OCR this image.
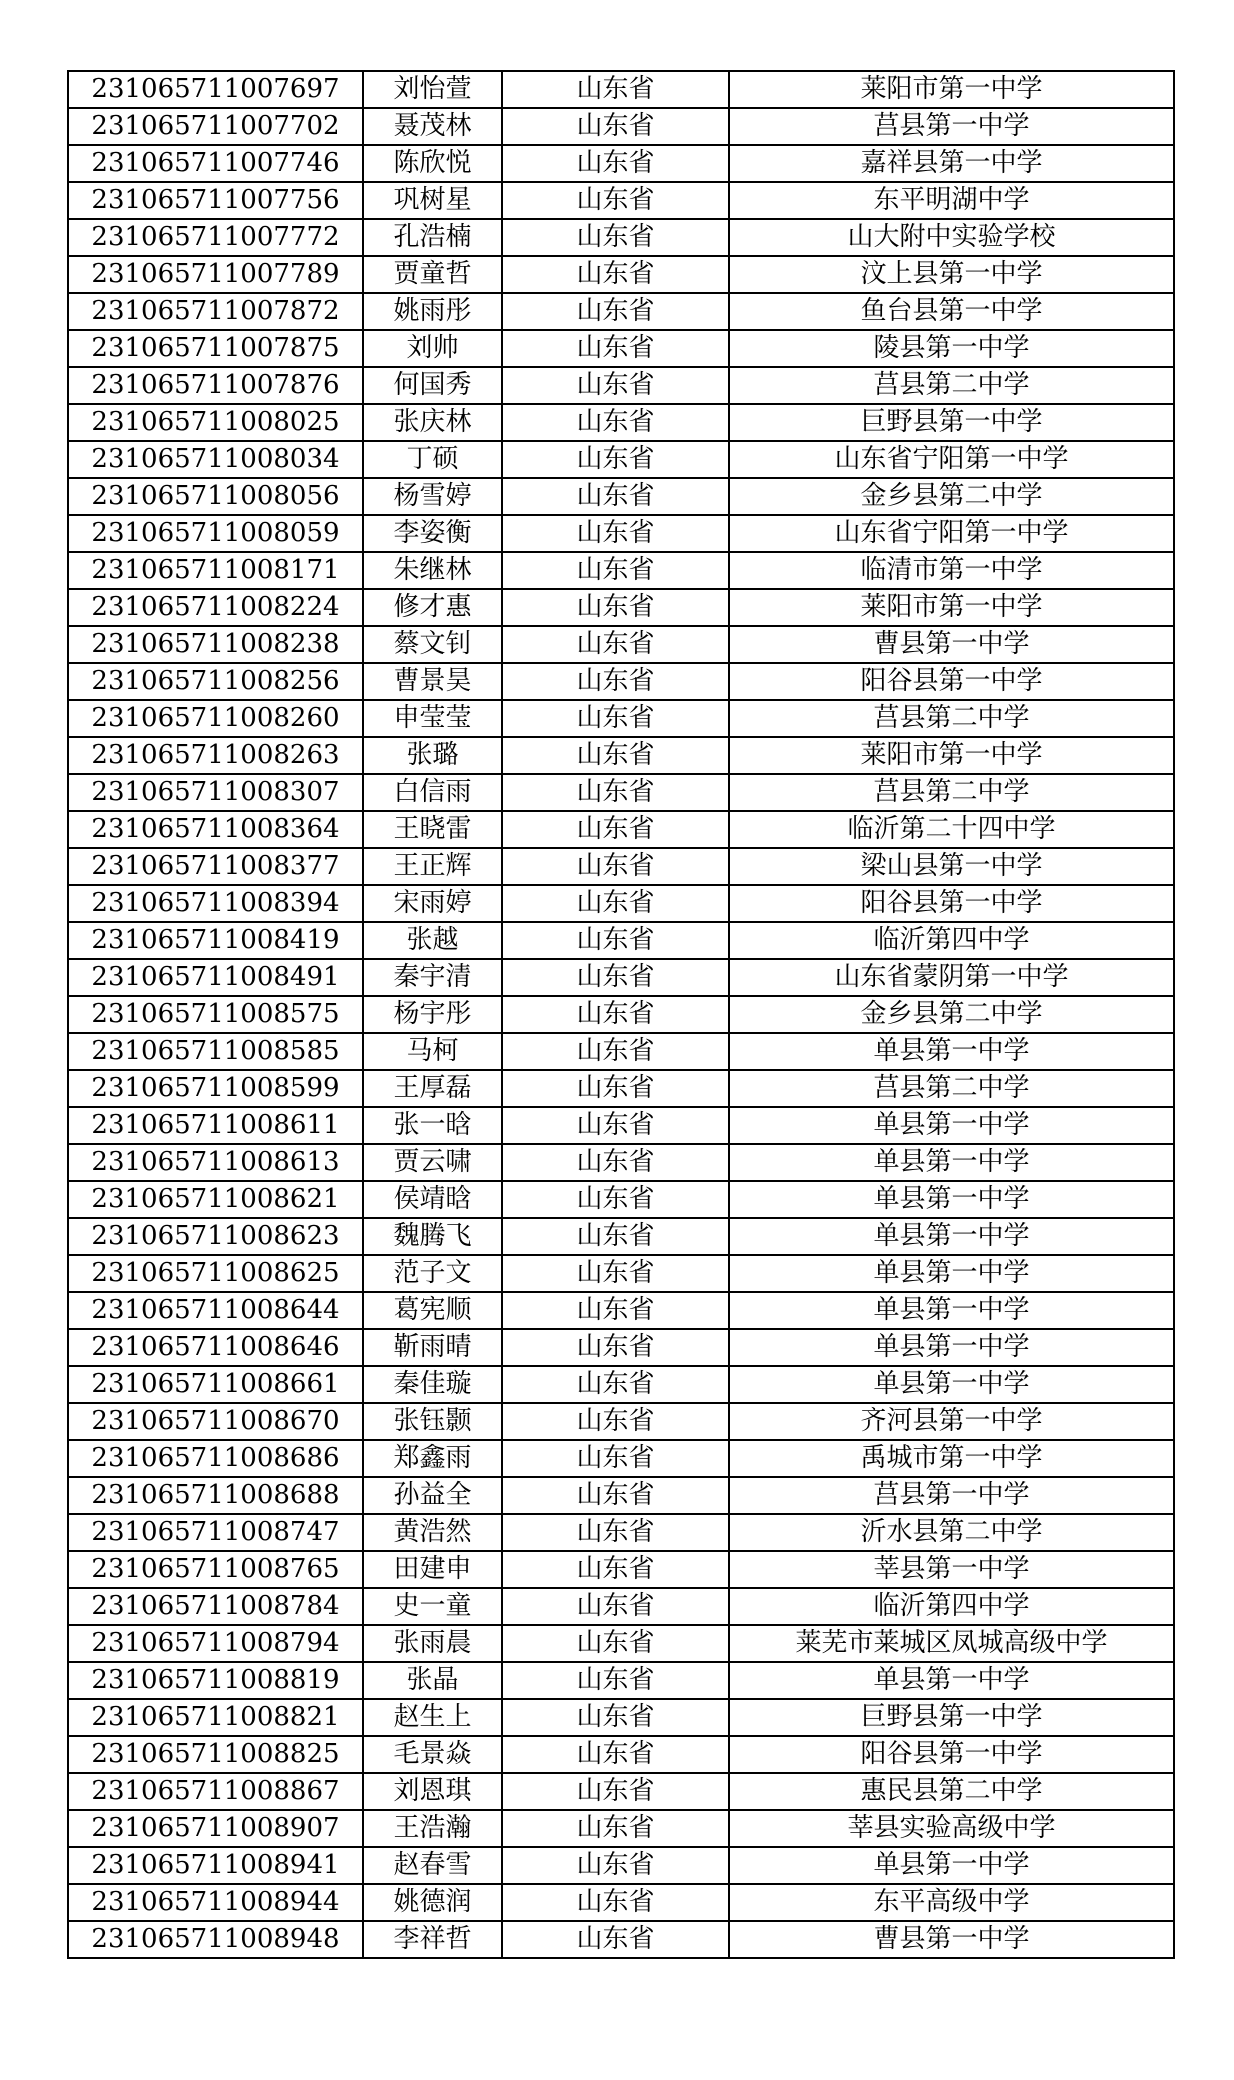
231065711007697	刘怡萱	山东省	莱阳市第一中学
231065711007702	聂茂林	山东省	莒县第一中学
231065711007746	陈欣悦	山东省	嘉祥县第一中学
231065711007756	巩树星	山东省	东平明湖中学
231065711007772	孔浩楠	山东省	山大附中实验学校
231065711007789	贾童哲	山东省	汶上县第一中学
231065711007872	姚雨彤	山东省	鱼台县第一中学
231065711007875	刘帅	山东省	陵县第一中学
231065711007876	何国秀	山东省	莒县第二中学
231065711008025	张庆林	山东省	巨野县第一中学
231065711008034	丁硕	山东省	山东省宁阳第一中学
231065711008056	杨雪婷	山东省	金乡县第二中学
231065711008059	李姿衡	山东省	山东省宁阳第一中学
231065711008171	朱继林	山东省	临清市第一中学
231065711008224	修才惠	山东省	莱阳市第一中学
231065711008238	蔡文钊	山东省	曹县第一中学
231065711008256	曹景昊	山东省	阳谷县第一中学
231065711008260	申莹莹	山东省	莒县第二中学
231065711008263	张璐	山东省	莱阳市第一中学
231065711008307	白信雨	山东省	莒县第二中学
231065711008364	王晓雷	山东省	临沂第二十四中学
231065711008377	王正辉	山东省	梁山县第一中学
231065711008394	宋雨婷	山东省	阳谷县第一中学
231065711008419	张越	山东省	临沂第四中学
231065711008491	秦宇清	山东省	山东省蒙阴第一中学
231065711008575	杨宇彤	山东省	金乡县第二中学
231065711008585	马柯	山东省	单县第一中学
231065711008599	王厚磊	山东省	莒县第二中学
231065711008611	张一晗	山东省	单县第一中学
231065711008613	贾云啸	山东省	单县第一中学
231065711008621	侯靖晗	山东省	单县第一中学
231065711008623	魏腾飞	山东省	单县第一中学
231065711008625	范子文	山东省	单县第一中学
231065711008644	葛宪顺	山东省	单县第一中学
231065711008646	靳雨晴	山东省	单县第一中学
231065711008661	秦佳璇	山东省	单县第一中学
231065711008670	张钰颢	山东省	齐河县第一中学
231065711008686	郑鑫雨	山东省	禹城市第一中学
231065711008688	孙益全	山东省	莒县第一中学
231065711008747	黄浩然	山东省	沂水县第二中学
231065711008765	田建申	山东省	莘县第一中学
231065711008784	史一童	山东省	临沂第四中学
231065711008794	张雨晨	山东省	莱芜市莱城区凤城高级中学
231065711008819	张晶	山东省	单县第一中学
231065711008821	赵生上	山东省	巨野县第一中学
231065711008825	毛景焱	山东省	阳谷县第一中学
231065711008867	刘恩琪	山东省	惠民县第二中学
231065711008907	王浩瀚	山东省	莘县实验高级中学
231065711008941	赵春雪	山东省	单县第一中学
231065711008944	姚德润	山东省	东平高级中学
231065711008948	李祥哲	山东省	曹县第一中学
